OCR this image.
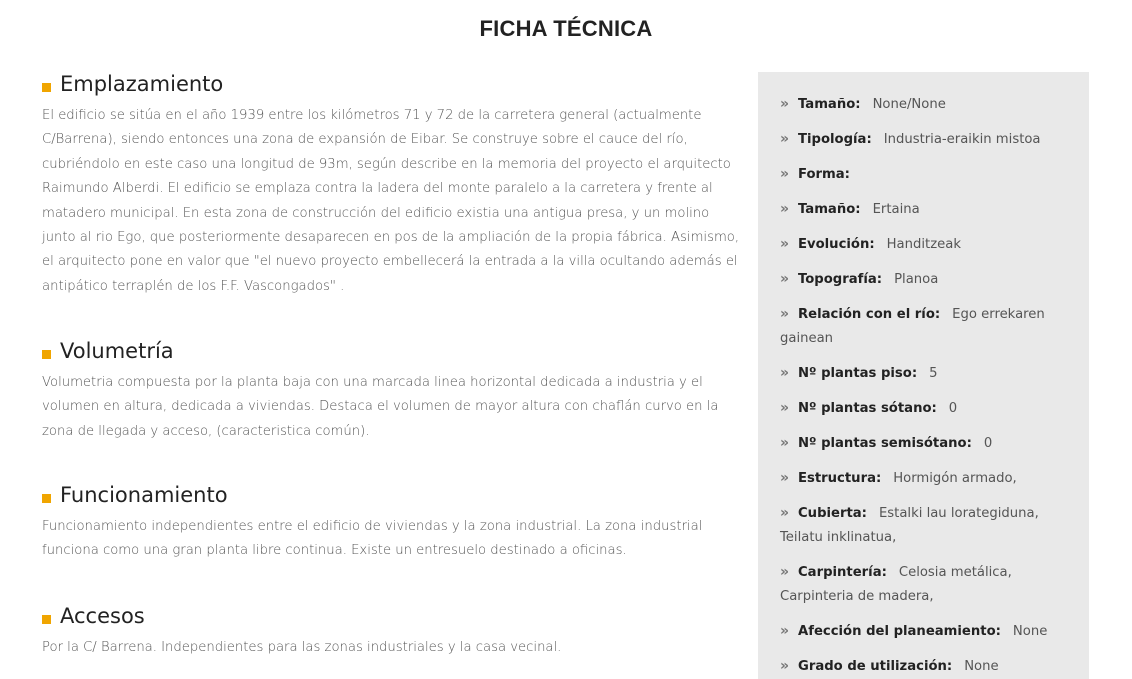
FICHA TÉCNICA
Emplazamiento

El edificio se sitúa en el año 1939 entre los kilómetros 71 y 72 de la carretera general (actualmente C/Barrena), siendo entonces una zona de expansión de Eibar. Se construye sobre el cauce del río, cubriéndolo en este caso una longitud de 93m, según describe en la memoria del proyecto el arquitecto Raimundo Alberdi. El edificio se emplaza contra la ladera del monte paralelo a la carretera y frente al matadero municipal. En esta zona de construcción del edificio existia una antigua presa, y un molino junto al rio Ego, que posteriormente desaparecen en pos de la ampliación de la propia fábrica. Asimismo, el arquitecto pone en valor que "el nuevo proyecto embellecerá la entrada a la villa ocultando además el antipático terraplén de los F.F. Vascongados" .

Volumetría

Volumetria compuesta por la planta baja con una marcada linea horizontal dedicada a industria y el volumen en altura, dedicada a viviendas. Destaca el volumen de mayor altura con chaflán curvo en la zona de llegada y acceso, (caracteristica común).

Funcionamiento

Funcionamiento independientes entre el edificio de viviendas y la zona industrial. La zona industrial funciona como una gran planta libre continua. Existe un entresuelo destinado a oficinas.

Accesos

Por la C/ Barrena. Independientes para las zonas industriales y la casa vecinal.

» Tamaño: None/None
» Tipología: Industria-eraikin mistoa
» Forma:
» Tamaño: Ertaina
» Evolución: Handitzeak
» Topografía: Planoa
» Relación con el río: Ego errekaren gainean
» Nº plantas piso: 5
» Nº plantas sótano: 0
» Nº plantas semisótano: 0
» Estructura: Hormigón armado,
» Cubierta: Estalki lau lorategiduna, Teilatu inklinatua,
» Carpintería: Celosia metálica, Carpinteria de madera,
» Afección del planeamiento: None
» Grado de utilización: None
